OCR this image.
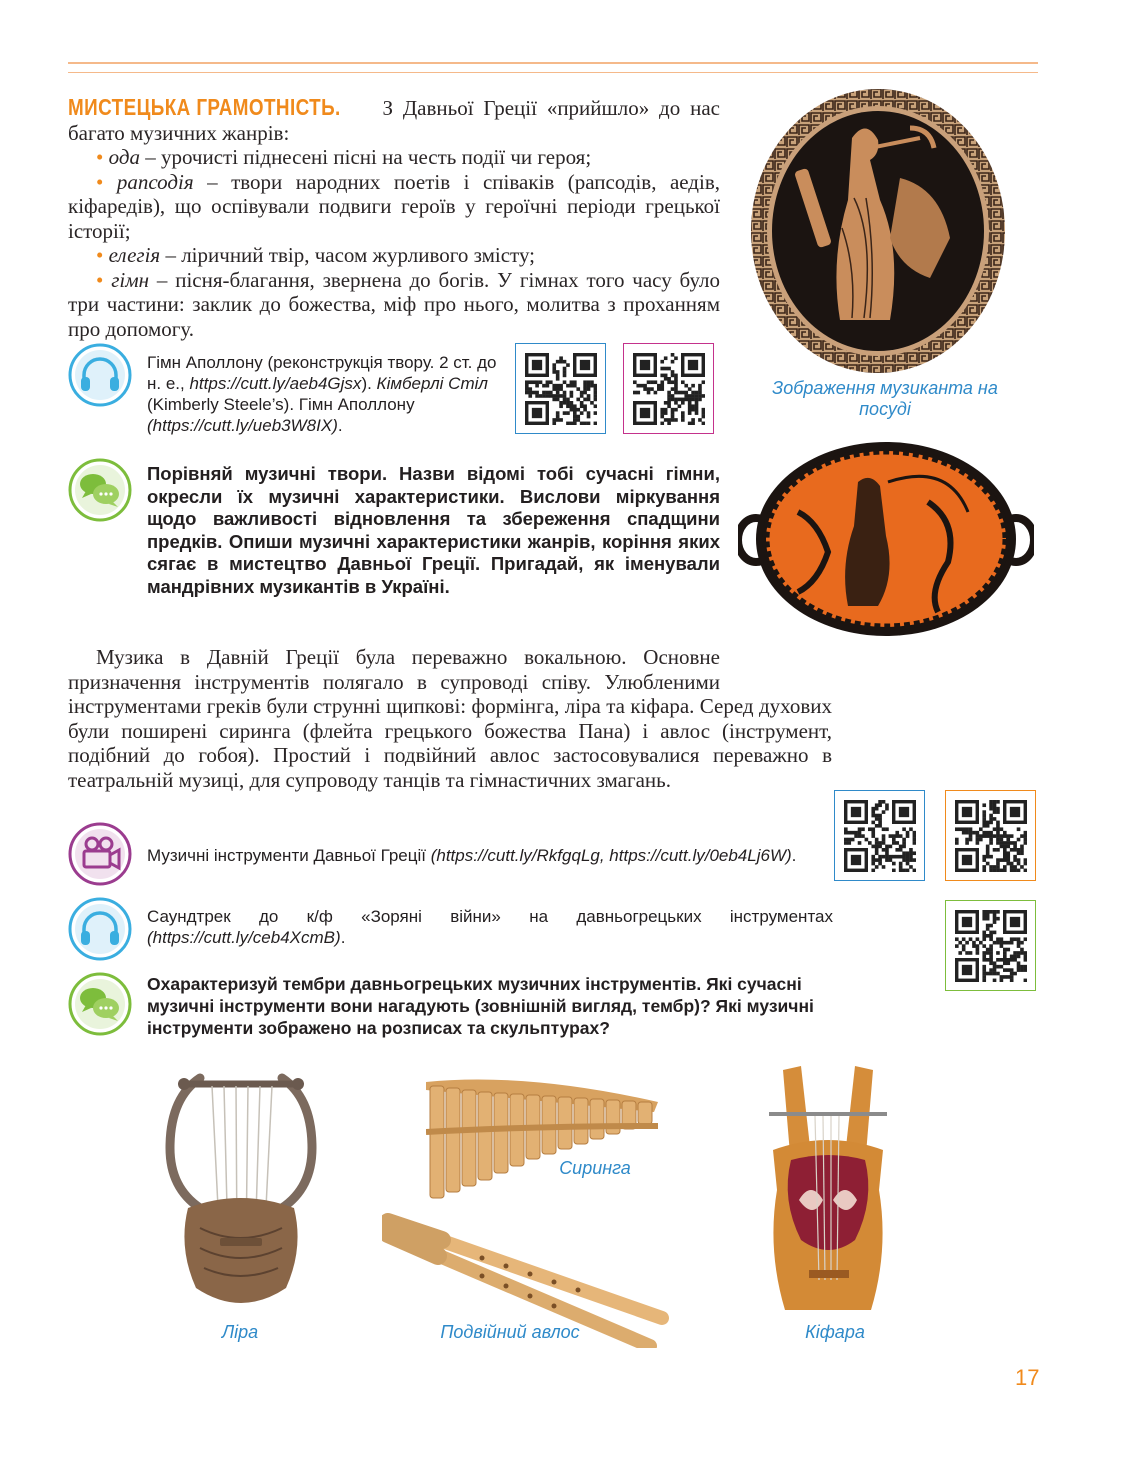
МИСТЕЦЬКА ГРАМОТНІСТЬ. З Давньої Греції «прийшло» до нас
багато музичних жанрів:
• ода – урочисті піднесені пісні на честь події чи героя;
• рапсодія – твори народних поетів і співаків (рапсодів, аедів, кіфаредів), що оспівували подвиги героїв у героїчні періоди грецької історії;
• елегія – ліричний твір, часом журливого змісту;
• гімн – пісня-благання, звернена до богів. У гімнах того часу було три частини: заклик до божества, міф про нього, молитва з проханням про допомогу.
Зображення музиканта на посуді
Гімн Аполлону (реконструкція твору. 2 ст. до н. е., https://cutt.ly/aeb4Gjsx). Кімберлі Стіл (Kimberly Steele’s). Гімн Аполлону (https://cutt.ly/ueb3W8IX).
Порівняй музичні твори. Назви відомі тобі сучасні гімни, окресли їх музичні характеристики. Вислови міркування щодо важливості відновлення та збереження спадщини предків. Опиши музичні характеристики жанрів, коріння яких сягає в мистецтво Давньої Греції. Пригадай, як іменували мандрівних музикантів в Україні.
Музика в Давній Греції була переважно вокальною. Основне призначення інструментів полягало в супроводі співу. Улюбленими інструментами греків були струнні щипкові: формінга, ліра та кіфара. Серед духових були поширені сиринга (флейта грецького божества Пана) і авлос (інструмент, подібний до гобоя). Простий і подвійний авлос застосовувалися переважно в театральній музиці, для супроводу танців та гімнастичних змагань.
Музичні інструменти Давньої Греції (https://cutt.ly/RkfgqLg, https://cutt.ly/0eb4Lj6W).
Саундтрек до к/ф «Зоряні війни» на давньогрецьких інструментах (https://cutt.ly/ceb4XcmB).
Охарактеризуй тембри давньогрецьких музичних інструментів. Які сучасні музичні інструменти вони нагадують (зовнішній вигляд, тембр)? Які музичні інструменти зображено на розписах та скульптурах?
Ліра
Сиринга
Подвійний авлос	Кіфара
17
